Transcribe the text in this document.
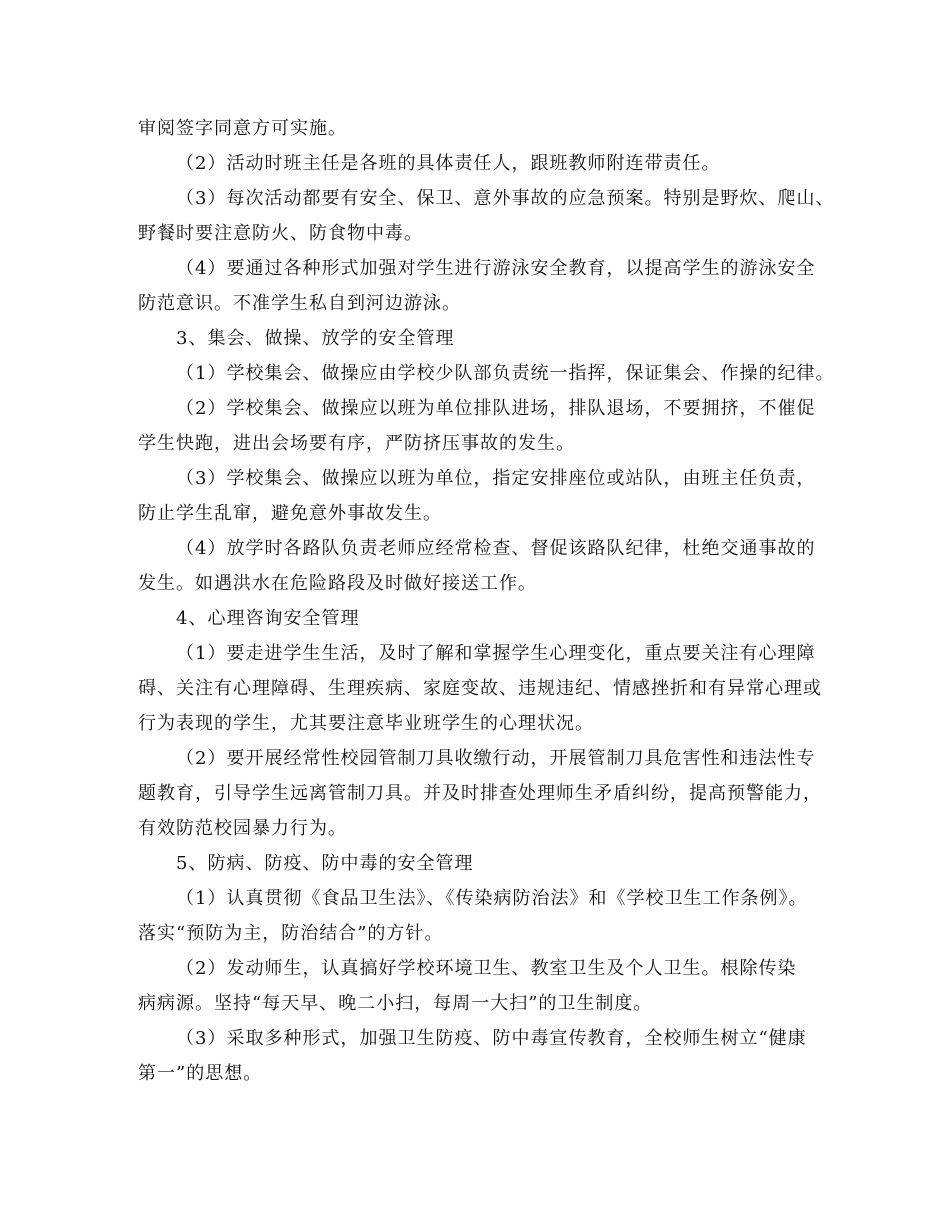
审阅签字同意方可实施。
（2）活动时班主任是各班的具体责任人，跟班教师附连带责任。
（3）每次活动都要有安全、保卫、意外事故的应急预案。特别是野炊、爬山、
野餐时要注意防火、防食物中毒。
（4）要通过各种形式加强对学生进行游泳安全教育，以提高学生的游泳安全
防范意识。不准学生私自到河边游泳。
3、集会、做操、放学的安全管理
（1）学校集会、做操应由学校少队部负责统一指挥，保证集会、作操的纪律。
（2）学校集会、做操应以班为单位排队进场，排队退场，不要拥挤，不催促
学生快跑，进出会场要有序，严防挤压事故的发生。
（3）学校集会、做操应以班为单位，指定安排座位或站队，由班主任负责，
防止学生乱窜，避免意外事故发生。
（4）放学时各路队负责老师应经常检查、督促该路队纪律，杜绝交通事故的
发生。如遇洪水在危险路段及时做好接送工作。
4、心理咨询安全管理
（1）要走进学生生活，及时了解和掌握学生心理变化，重点要关注有心理障
碍、关注有心理障碍、生理疾病、家庭变故、违规违纪、情感挫折和有异常心理或
行为表现的学生，尤其要注意毕业班学生的心理状况。
（2）要开展经常性校园管制刀具收缴行动，开展管制刀具危害性和违法性专
题教育，引导学生远离管制刀具。并及时排查处理师生矛盾纠纷，提高预警能力，
有效防范校园暴力行为。
5、防病、防疫、防中毒的安全管理
（1）认真贯彻《食品卫生法》、《传染病防治法》和《学校卫生工作条例》。
落实“预防为主，防治结合”的方针。
（2）发动师生，认真搞好学校环境卫生、教室卫生及个人卫生。根除传染
病病源。坚持“每天早、晚二小扫，每周一大扫”的卫生制度。
（3）采取多种形式，加强卫生防疫、防中毒宣传教育，全校师生树立“健康
第一”的思想。
